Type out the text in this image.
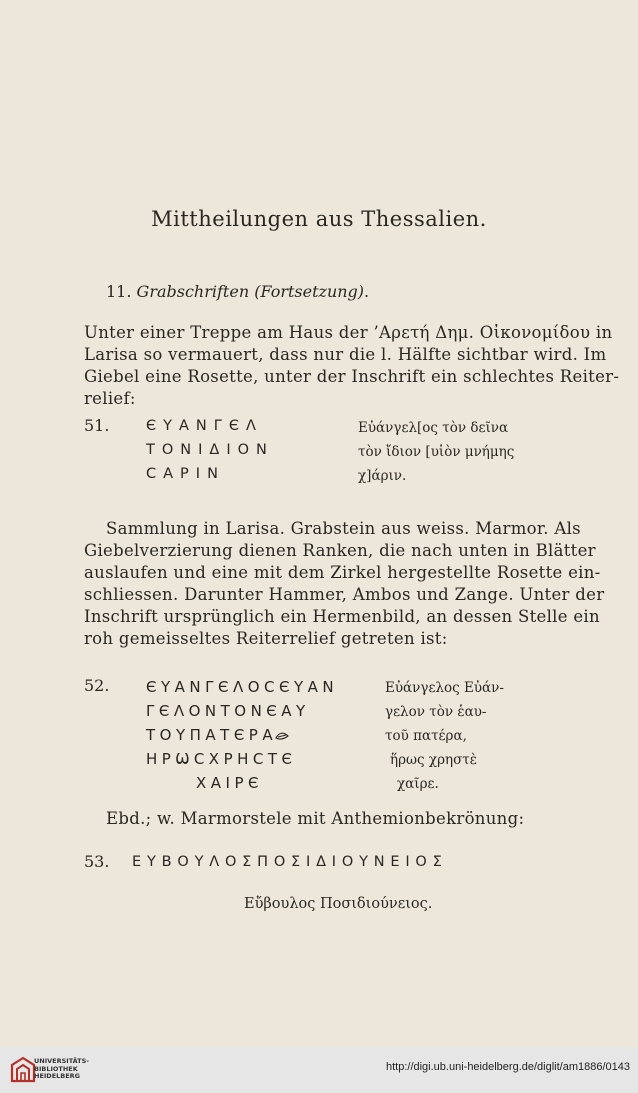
Mittheilungen aus Thessalien.
11. Grabschriften (Fortsetzung).
Unter einer Treppe am Haus der ’Αρετή Δημ. Οἰκονομίδου in
Larisa so vermauert, dass nur die l. Hälfte sichtbar wird. Im
Giebel eine Rosette, unter der Inschrift ein schlechtes Reiter-
relief:
51.	ЄΥΑΝΓЄΛ
ΤΟΝΙΔΙΟΝ
ϹΑΡΙΝ
Εὐάνγελ[ος τὸν δεῖνα
τὸν ἴδιον [υἱὸν μνήμης
χ]άριν.
Sammlung in Larisa. Grabstein aus weiss. Marmor. Als
Giebelverzierung dienen Ranken, die nach unten in Blätter
auslaufen und eine mit dem Zirkel hergestellte Rosette ein-
schliessen. Darunter Hammer, Ambos und Zange. Unter der
Inschrift ursprünglich ein Hermenbild, an dessen Stelle ein
roh gemeisseltes Reiterrelief getreten ist:
52. ЄΥΑΝΓЄΛΟϹЄΥΑΝ
ΓЄΛΟΝΤΟΝЄΑΥ
ΤΟΥΠΑΤЄΡΑ
ΗΡѠϹΧΡΗϹΤЄ
ΧΑΙΡЄ
Εὐάνγελος Εὐάν-
γελον τὸν ἑαυ-
τοῦ πατέρα,
ἥρως χρηστὲ
χαῖρε.
Ebd.; w. Marmorstele mit Anthemionbekrönung:
53. ΕΥΒΟΥΛΟΣΠΟΣΙΔΙΟΥΝΕΙΟΣ
Εὔβουλος Ποσιδιούνειος.
UNIVERSITÄTS-
BIBLIOTHEK
HEIDELBERG
http://digi.ub.uni-heidelberg.de/diglit/am1886/0143
